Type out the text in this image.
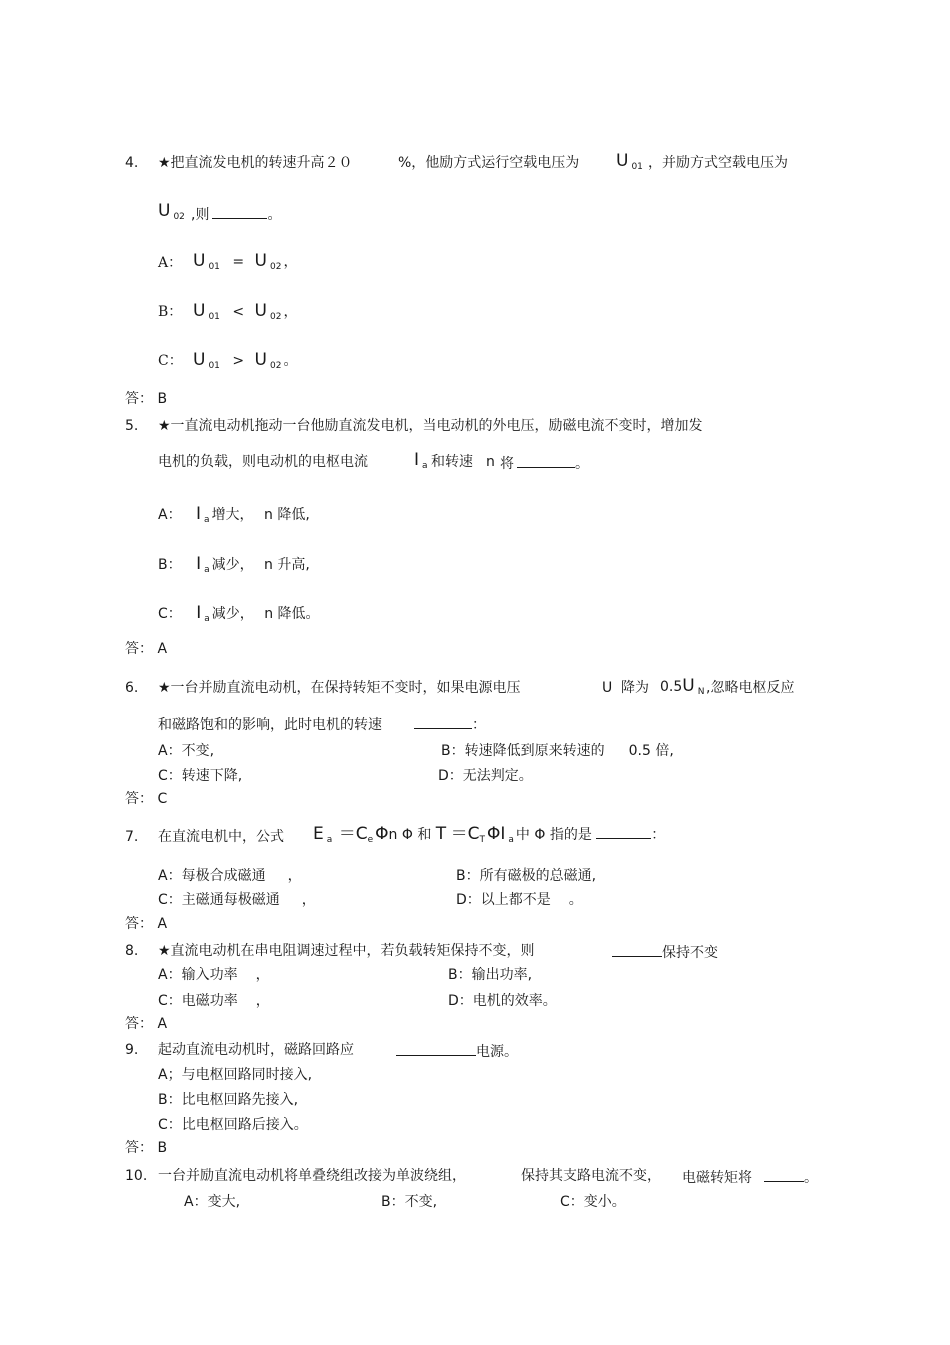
4. ★把直流发电机的转速升高２０	%，他励方式运行空载电压为 U $_{01}$ ，并励方式空载电压为
U $_{02}$ ,则	。
A： U $_{01}$ = U $_{02}$ ，
B： U $_{01}$ < U $_{02}$ ，
C： U $_{01}$ > U $_{02}$ 。
答： B
5. ★一直流电动机拖动一台他励直流发电机，当电动机的外电压，励磁电流不变时，增加发
电机的负载，则电动机的电枢电流	I $_a$ 和转速 n 将	。
A： I $_a$ 增大， n 降低,
B： I $_a$ 减少， n 升高,
C： I $_a$ 减少， n 降低。
答： A
6. ★一台并励直流电动机，在保持转矩不变时，如果电源电压	U 降为 0.5U $_N$ ,忽略电枢反应
和磁路饱和的影响，此时电机的转速	：
A：不变,	B：转速降低到原来转速的 0.5 倍,
C：转速下降,	D：无法判定。
答： C
7. 在直流电机中，公式 E $_a =C_e$ Φn Φ 和 $T =C_T$ ΦI $_a$ 中 Φ 指的是	：
A：每极合成磁通 ，	B：所有磁极的总磁通,
C：主磁通每极磁通 ，	D：以上都不是 。
答： A
8. ★直流电动机在串电阻调速过程中，若负载转矩保持不变，则	保持不变
A：输入功率 ，	B：输出功率,
C：电磁功率 ，	D：电机的效率。
答： A
9. 起动直流电动机时，磁路回路应	电源。
A；与电枢回路同时接入,
B：比电枢回路先接入,
C：比电枢回路后接入。
答： B
10. 一台并励直流电动机将单叠绕组改接为单波绕组，	保持其支路电流不变， 电磁转矩将	。
A：变大,	B：不变,	C：变小。
